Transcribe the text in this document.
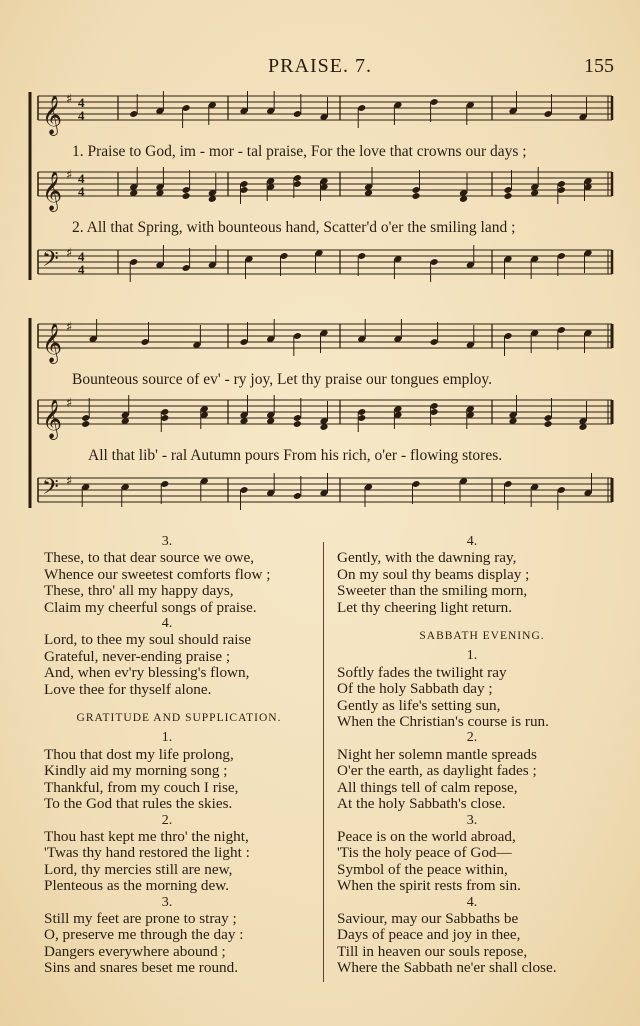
PRAISE. 7.	155
𝄞 ♯ 4
4
𝄞 ♯ 4
4
𝄢 ♯ 4
4
𝄞 ♯
𝄞 ♯
𝄢 ♯
1. Praise to God, im - mor - tal praise, For the love that crowns our days ;
2. All that Spring, with bounteous hand, Scatter'd o'er the smiling land ;
Bounteous source of ev' - ry joy, Let thy praise our tongues employ.
All that lib' - ral Autumn pours From his rich, o'er - flowing stores.
3.
These, to that dear source we owe,
Whence our sweetest comforts flow ;
These, thro' all my happy days,
Claim my cheerful songs of praise.
4.
Lord, to thee my soul should raise
Grateful, never-ending praise ;
And, when ev'ry blessing's flown,
Love thee for thyself alone.
GRATITUDE AND SUPPLICATION.
1.
Thou that dost my life prolong,
Kindly aid my morning song ;
Thankful, from my couch I rise,
To the God that rules the skies.
2.
Thou hast kept me thro' the night,
'Twas thy hand restored the light :
Lord, thy mercies still are new,
Plenteous as the morning dew.
3.
Still my feet are prone to stray ;
O, preserve me through the day :
Dangers everywhere abound ;
Sins and snares beset me round.
4.
Gently, with the dawning ray,
On my soul thy beams display ;
Sweeter than the smiling morn,
Let thy cheering light return.
SABBATH EVENING.
1.
Softly fades the twilight ray
Of the holy Sabbath day ;
Gently as life's setting sun,
When the Christian's course is run.
2.
Night her solemn mantle spreads
O'er the earth, as daylight fades ;
All things tell of calm repose,
At the holy Sabbath's close.
3.
Peace is on the world abroad,
'Tis the holy peace of God—
Symbol of the peace within,
When the spirit rests from sin.
4.
Saviour, may our Sabbaths be
Days of peace and joy in thee,
Till in heaven our souls repose,
Where the Sabbath ne'er shall close.
